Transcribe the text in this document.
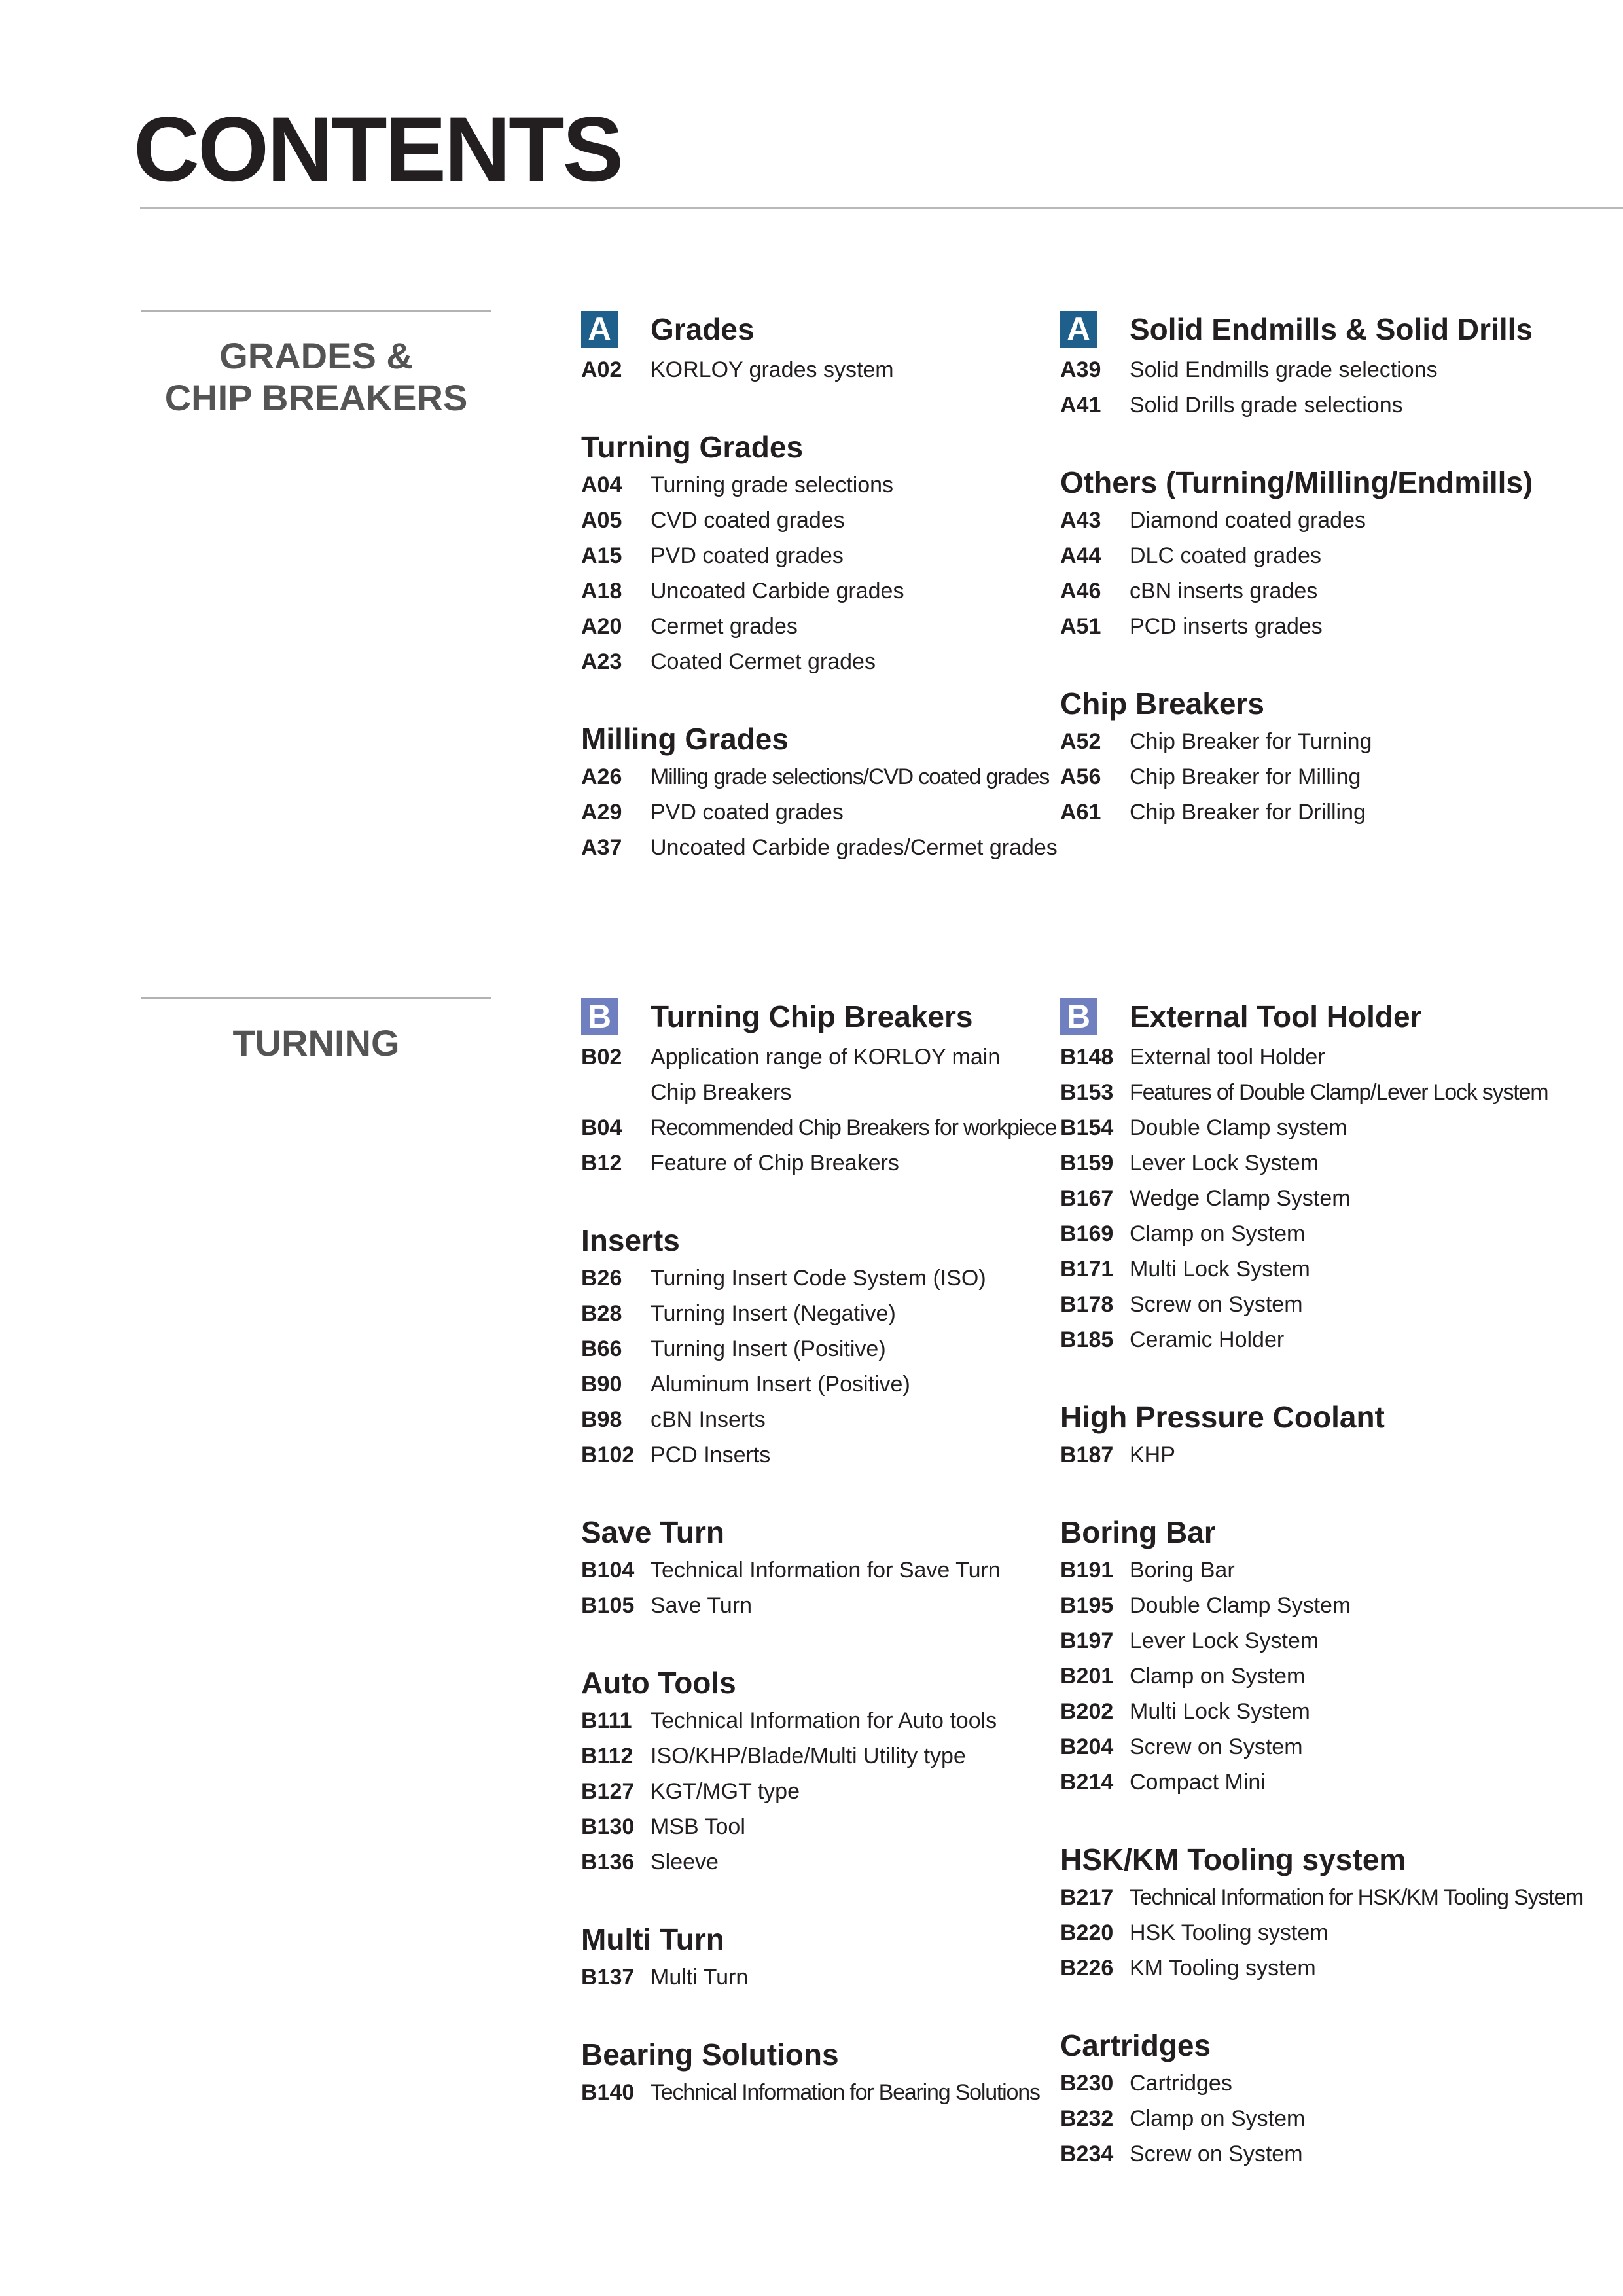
CONTENTS
GRADES &
CHIP BREAKERS
A Grades
A02	KORLOY grades system
Turning Grades
A04	Turning grade selections
A05	CVD coated grades
A15	PVD coated grades
A18	Uncoated Carbide grades
A20	Cermet grades
A23	Coated Cermet grades
Milling Grades
A26	Milling grade selections/CVD coated grades
A29	PVD coated grades
A37	Uncoated Carbide grades/Cermet grades
A Solid Endmills & Solid Drills
A39	Solid Endmills grade selections
A41	Solid Drills grade selections
Others (Turning/Milling/Endmills)
A43	Diamond coated grades
A44	DLC coated grades
A46	cBN inserts grades
A51	PCD inserts grades
Chip Breakers
A52	Chip Breaker for Turning
A56	Chip Breaker for Milling
A61	Chip Breaker for Drilling
TURNING
B Turning Chip Breakers
B02	Application range of KORLOY main
Chip Breakers
B04	Recommended Chip Breakers for workpiece
B12	Feature of Chip Breakers
Inserts
B26	Turning Insert Code System (ISO)
B28	Turning Insert (Negative)
B66	Turning Insert (Positive)
B90	Aluminum Insert (Positive)
B98	cBN Inserts
B102 PCD Inserts
Save Turn
B104 Technical Information for Save Turn
B105 Save Turn
Auto Tools
B111 Technical Information for Auto tools
B112 ISO/KHP/Blade/Multi Utility type
B127 KGT/MGT type
B130 MSB Tool
B136 Sleeve
Multi Turn
B137 Multi Turn
Bearing Solutions
B140 Technical Information for Bearing Solutions
B External Tool Holder
B148 External tool Holder
B153 Features of Double Clamp/Lever Lock system
B154 Double Clamp system
B159 Lever Lock System
B167 Wedge Clamp System
B169 Clamp on System
B171 Multi Lock System
B178 Screw on System
B185 Ceramic Holder
High Pressure Coolant
B187 KHP
Boring Bar
B191 Boring Bar
B195 Double Clamp System
B197 Lever Lock System
B201 Clamp on System
B202 Multi Lock System
B204 Screw on System
B214 Compact Mini
HSK/KM Tooling system
B217 Technical Information for HSK/KM Tooling System
B220 HSK Tooling system
B226 KM Tooling system
Cartridges
B230 Cartridges
B232 Clamp on System
B234 Screw on System
